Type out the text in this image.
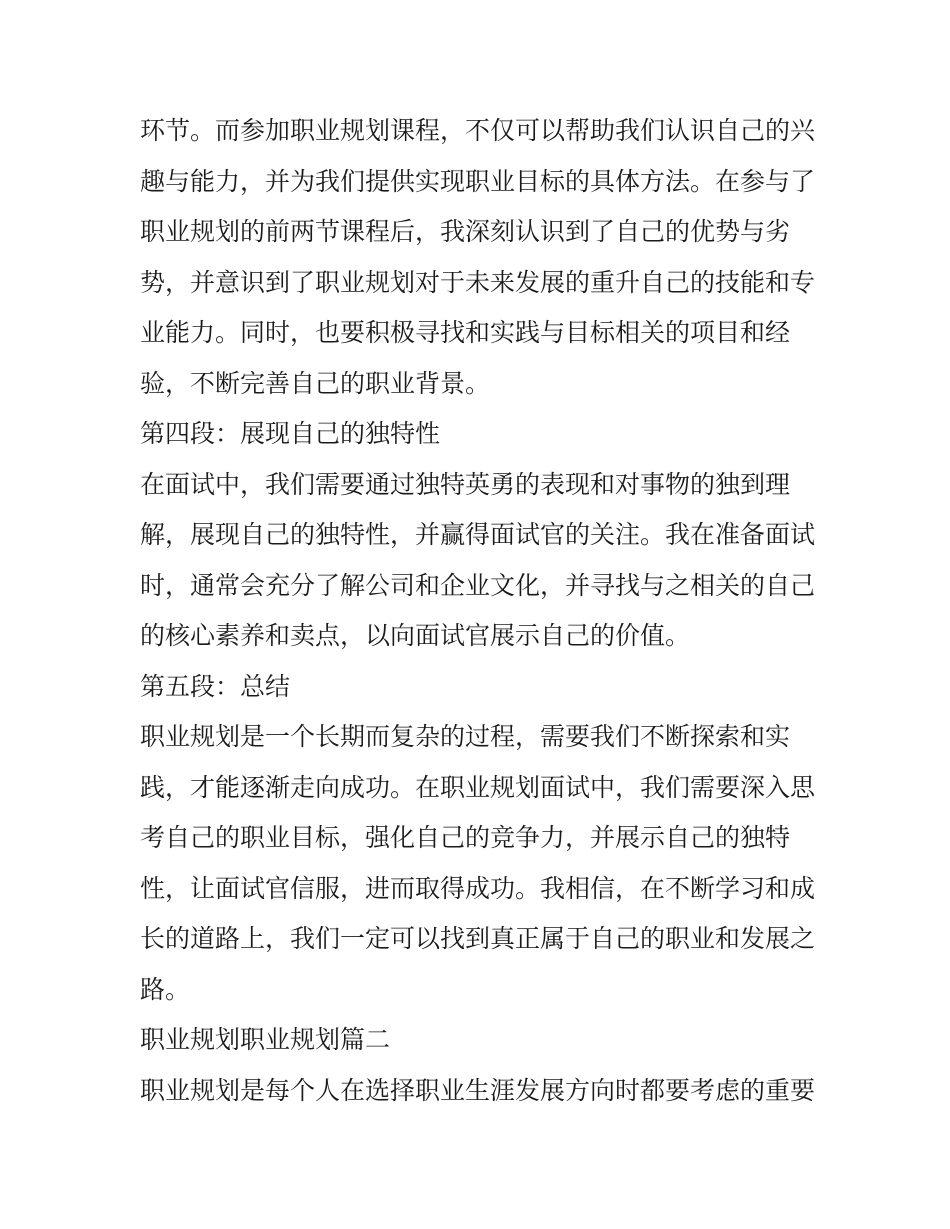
环节。而参加职业规划课程，不仅可以帮助我们认识自己的兴
趣与能力，并为我们提供实现职业目标的具体方法。在参与了
职业规划的前两节课程后，我深刻认识到了自己的优势与劣
势，并意识到了职业规划对于未来发展的重升自己的技能和专
业能力。同时，也要积极寻找和实践与目标相关的项目和经
验，不断完善自己的职业背景。
第四段：展现自己的独特性
在面试中，我们需要通过独特英勇的表现和对事物的独到理
解，展现自己的独特性，并赢得面试官的关注。我在准备面试
时，通常会充分了解公司和企业文化，并寻找与之相关的自己
的核心素养和卖点，以向面试官展示自己的价值。
第五段：总结
职业规划是一个长期而复杂的过程，需要我们不断探索和实
践，才能逐渐走向成功。在职业规划面试中，我们需要深入思
考自己的职业目标，强化自己的竞争力，并展示自己的独特
性，让面试官信服，进而取得成功。我相信，在不断学习和成
长的道路上，我们一定可以找到真正属于自己的职业和发展之
路。
职业规划职业规划篇二
职业规划是每个人在选择职业生涯发展方向时都要考虑的重要
